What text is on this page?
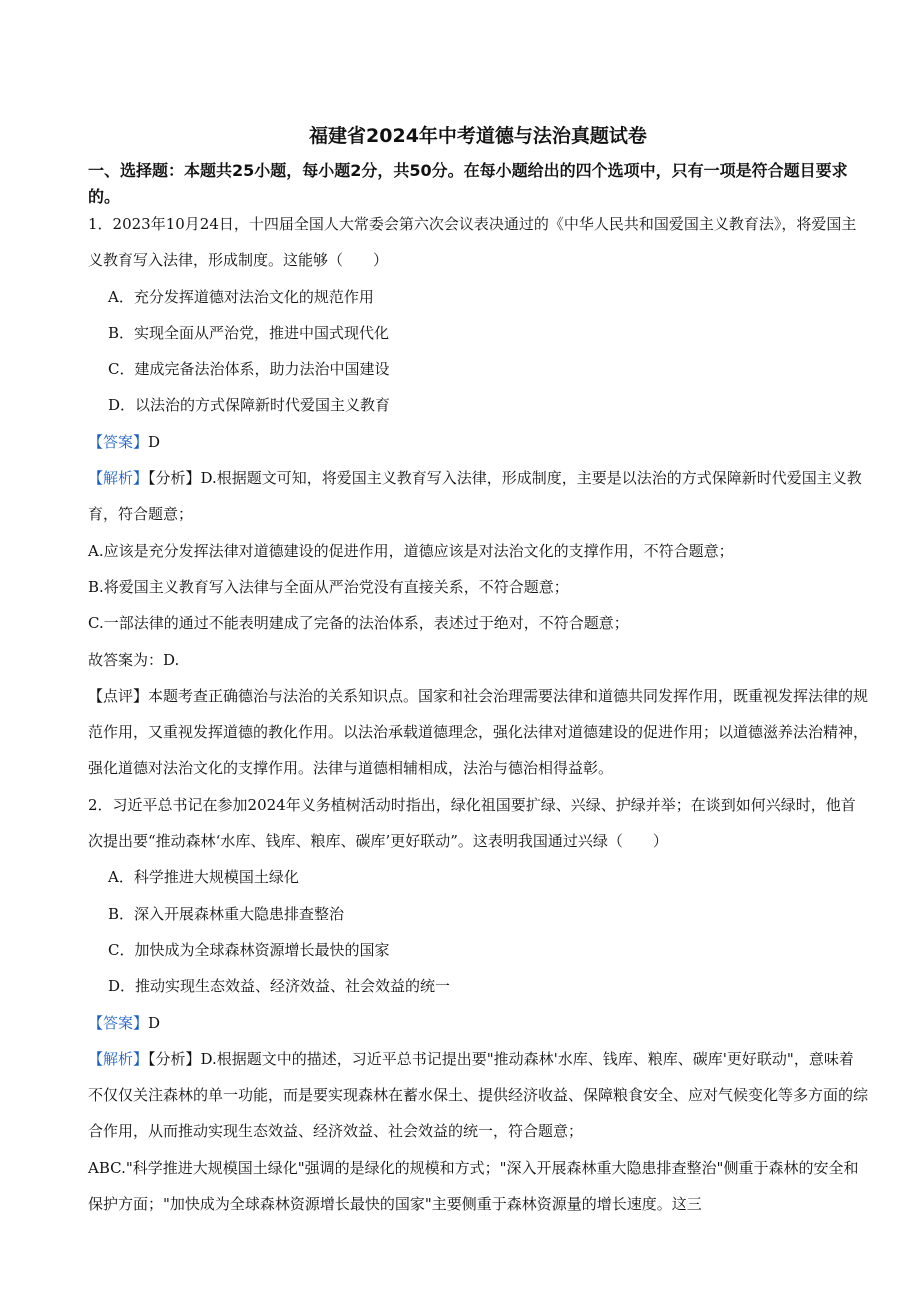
福建省2024年中考道德与法治真题试卷
一、选择题：本题共25小题，每小题2分，共50分。在每小题给出的四个选项中，只有一项是符合题目要求的。

1．2023年10月24日，十四届全国人大常委会第六次会议表决通过的《中华人民共和国爱国主义教育法》，将爱国主义教育写入法律，形成制度。这能够（　　）

A．充分发挥道德对法治文化的规范作用

B．实现全面从严治党，推进中国式现代化

C．建成完备法治体系，助力法治中国建设

D．以法治的方式保障新时代爱国主义教育

【答案】D

【解析】【分析】D.根据题文可知，将爱国主义教育写入法律，形成制度，主要是以法治的方式保障新时代爱国主义教育，符合题意；

A.应该是充分发挥法律对道德建设的促进作用，道德应该是对法治文化的支撑作用，不符合题意；

B.将爱国主义教育写入法律与全面从严治党没有直接关系，不符合题意；

C.一部法律的通过不能表明建成了完备的法治体系，表述过于绝对，不符合题意；

故答案为：D.

【点评】本题考查正确德治与法治的关系知识点。国家和社会治理需要法律和道德共同发挥作用，既重视发挥法律的规范作用，又重视发挥道德的教化作用。以法治承载道德理念，强化法律对道德建设的促进作用；以道德滋养法治精神，强化道德对法治文化的支撑作用。法律与道德相辅相成，法治与德治相得益彰。

2．习近平总书记在参加2024年义务植树活动时指出，绿化祖国要扩绿、兴绿、护绿并举；在谈到如何兴绿时，他首次提出要“推动森林‘水库、钱库、粮库、碳库’更好联动”。这表明我国通过兴绿（　　）

A．科学推进大规模国土绿化

B．深入开展森林重大隐患排查整治

C．加快成为全球森林资源增长最快的国家

D．推动实现生态效益、经济效益、社会效益的统一

【答案】D

【解析】【分析】D.根据题文中的描述，习近平总书记提出要"推动森林'水库、钱库、粮库、碳库'更好联动"，意味着不仅仅关注森林的单一功能，而是要实现森林在蓄水保土、提供经济收益、保障粮食安全、应对气候变化等多方面的综合作用，从而推动实现生态效益、经济效益、社会效益的统一，符合题意；

ABC."科学推进大规模国土绿化"强调的是绿化的规模和方式；"深入开展森林重大隐患排查整治"侧重于森林的安全和保护方面；"加快成为全球森林资源增长最快的国家"主要侧重于森林资源量的增长速度。这三
